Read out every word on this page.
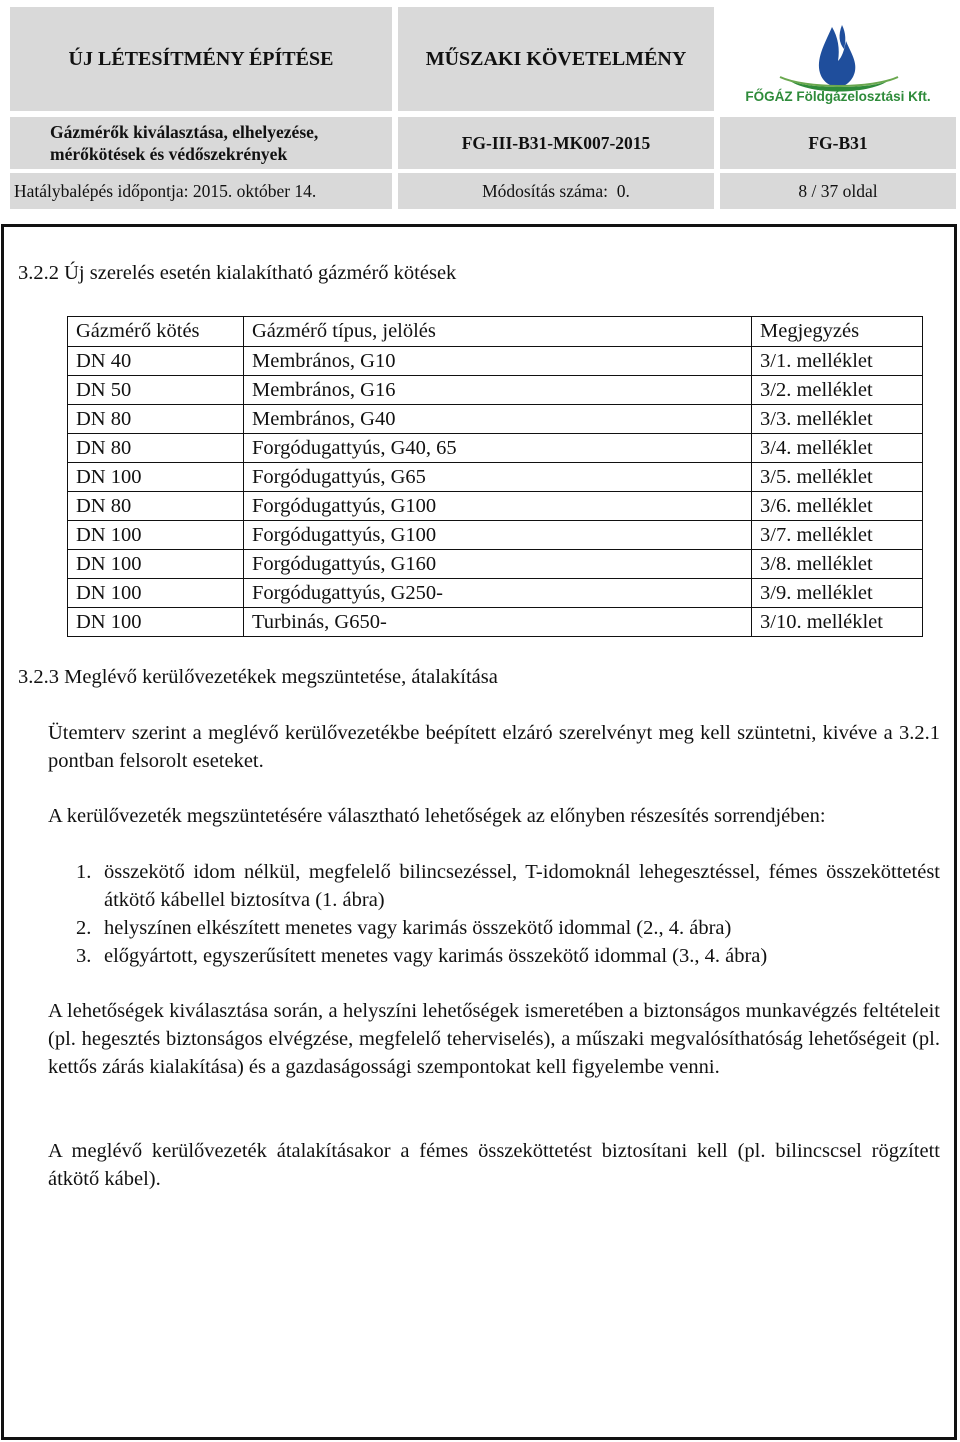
ÚJ LÉTESÍTMÉNY ÉPÍTÉSE	MŰSZAKI KÖVETELMÉNY
FŐGÁZ Földgázelosztási Kft.
Gázmérők kiválasztása, elhelyezése,
mérőkötések és védőszekrények
FG-III-B31-MK007-2015	FG-B31
Hatálybalépés időpontja: 2015. október 14.	Módosítás száma:  0.	8 / 37 oldal
3.2.2 Új szerelés esetén kialakítható gázmérő kötések
Gázmérő kötés	Gázmérő típus, jelölés	Megjegyzés
DN 40	Membrános, G10	3/1. melléklet
DN 50	Membrános, G16	3/2. melléklet
DN 80	Membrános, G40	3/3. melléklet
DN 80	Forgódugattyús, G40, 65	3/4. melléklet
DN 100	Forgódugattyús, G65	3/5. melléklet
DN 80	Forgódugattyús, G100	3/6. melléklet
DN 100	Forgódugattyús, G100	3/7. melléklet
DN 100	Forgódugattyús, G160	3/8. melléklet
DN 100	Forgódugattyús, G250-	3/9. melléklet
DN 100	Turbinás, G650-	3/10. melléklet
3.2.3 Meglévő kerülővezetékek megszüntetése, átalakítása
Ütemterv szerint a meglévő kerülővezetékbe beépített elzáró szerelvényt meg kell szüntetni, kivéve a 3.2.1 pontban felsorolt eseteket.
A kerülővezeték megszüntetésére választható lehetőségek az előnyben részesítés sorrendjében:
1. összekötő idom nélkül, megfelelő bilincsezéssel, T-idomoknál lehegesztéssel, fémes összeköttetést átkötő kábellel biztosítva (1. ábra)
2. helyszínen elkészített menetes vagy karimás összekötő idommal (2., 4. ábra)
3. előgyártott, egyszerűsített menetes vagy karimás összekötő idommal (3., 4. ábra)
A lehetőségek kiválasztása során, a helyszíni lehetőségek ismeretében a biztonságos munkavégzés feltételeit (pl. hegesztés biztonságos elvégzése, megfelelő teherviselés), a műszaki megvalósíthatóság lehetőségeit (pl. kettős zárás kialakítása) és a gazdaságossági szempontokat kell figyelembe venni.
A meglévő kerülővezeték átalakításakor a fémes összeköttetést biztosítani kell (pl. bilincscsel rögzített átkötő kábel).
